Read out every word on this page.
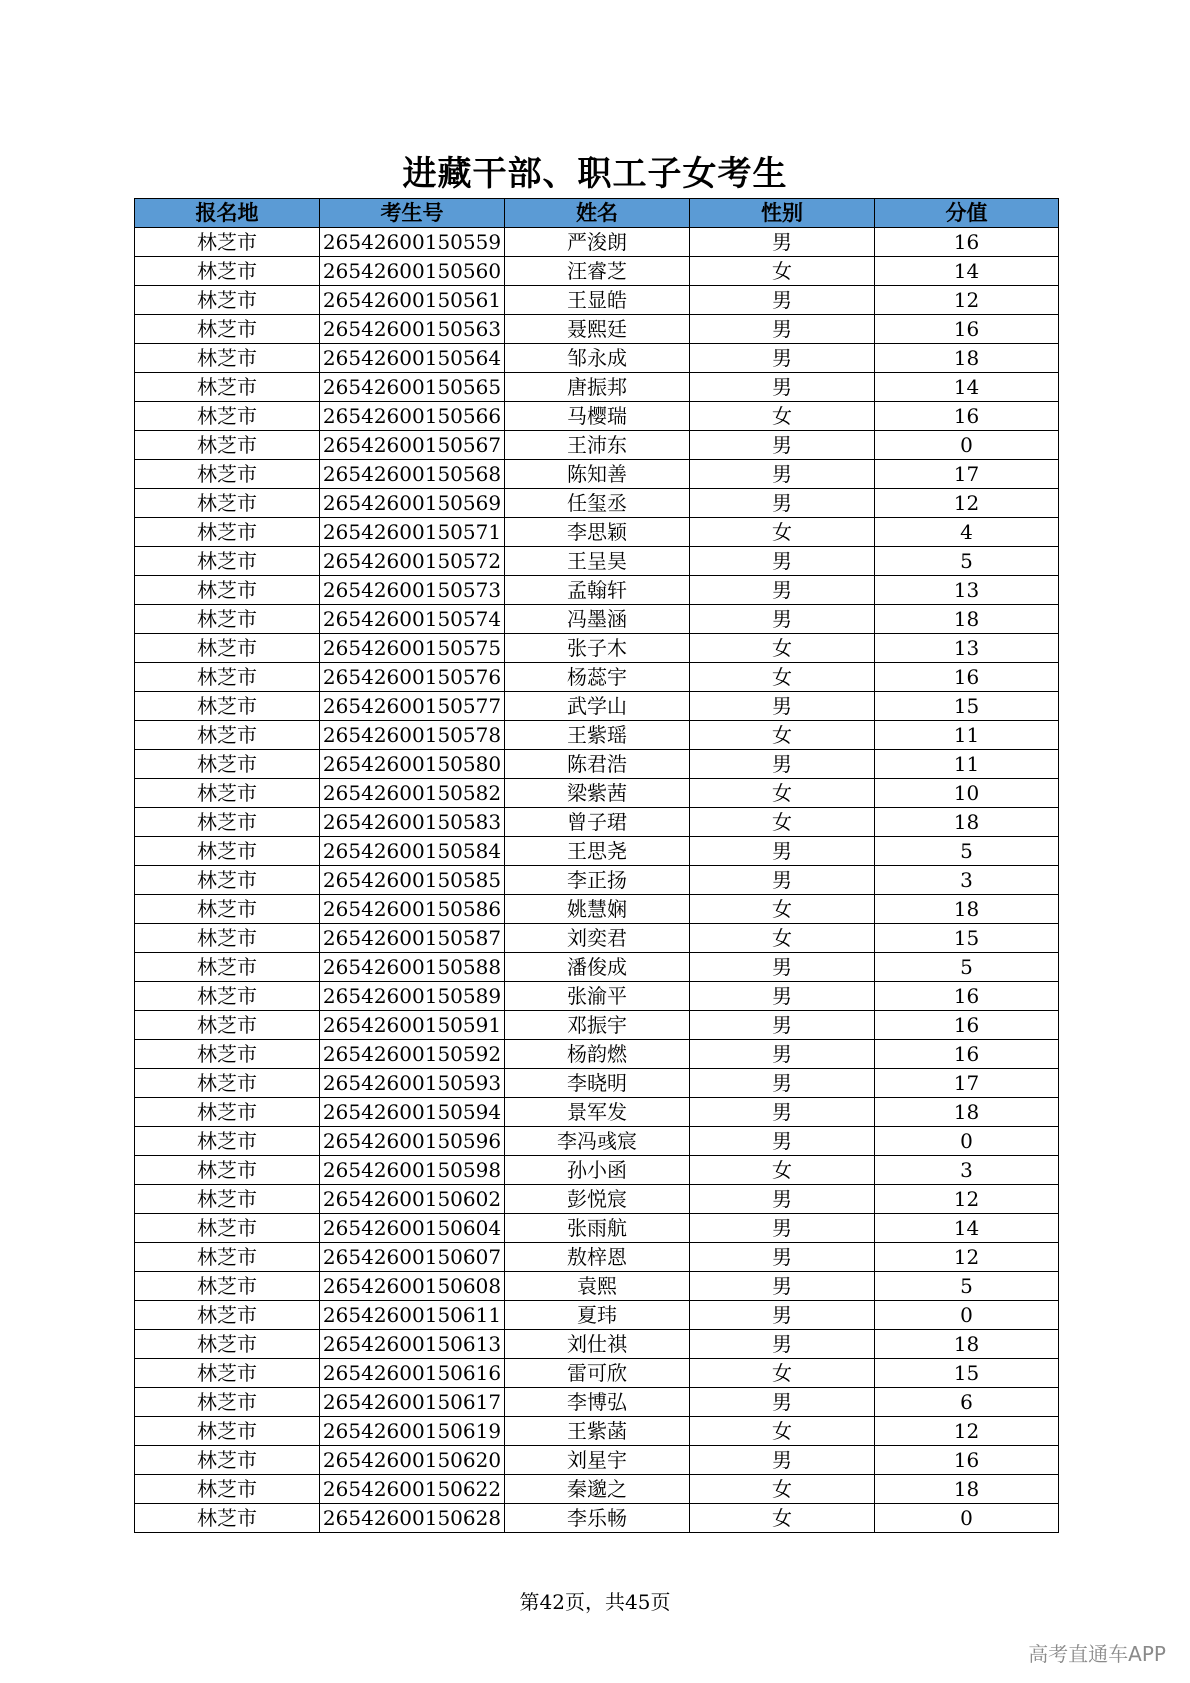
进藏干部、职工子女考生
报名地	考生号	姓名	性别	分值
林芝市	26542600150559	严浚朗	男	16
林芝市	26542600150560	汪睿芝	女	14
林芝市	26542600150561	王显皓	男	12
林芝市	26542600150563	聂熙廷	男	16
林芝市	26542600150564	邹永成	男	18
林芝市	26542600150565	唐振邦	男	14
林芝市	26542600150566	马樱瑞	女	16
林芝市	26542600150567	王沛东	男	0
林芝市	26542600150568	陈知善	男	17
林芝市	26542600150569	任玺丞	男	12
林芝市	26542600150571	李思颖	女	4
林芝市	26542600150572	王呈昊	男	5
林芝市	26542600150573	孟翰轩	男	13
林芝市	26542600150574	冯墨涵	男	18
林芝市	26542600150575	张子木	女	13
林芝市	26542600150576	杨蕊宇	女	16
林芝市	26542600150577	武学山	男	15
林芝市	26542600150578	王紫瑶	女	11
林芝市	26542600150580	陈君浩	男	11
林芝市	26542600150582	梁紫茜	女	10
林芝市	26542600150583	曾子珺	女	18
林芝市	26542600150584	王思尧	男	5
林芝市	26542600150585	李正扬	男	3
林芝市	26542600150586	姚慧娴	女	18
林芝市	26542600150587	刘奕君	女	15
林芝市	26542600150588	潘俊成	男	5
林芝市	26542600150589	张渝平	男	16
林芝市	26542600150591	邓振宇	男	16
林芝市	26542600150592	杨韵燃	男	16
林芝市	26542600150593	李晓明	男	17
林芝市	26542600150594	景军发	男	18
林芝市	26542600150596	李冯彧宸	男	0
林芝市	26542600150598	孙小函	女	3
林芝市	26542600150602	彭悦宸	男	12
林芝市	26542600150604	张雨航	男	14
林芝市	26542600150607	敖梓恩	男	12
林芝市	26542600150608	袁熙	男	5
林芝市	26542600150611	夏玮	男	0
林芝市	26542600150613	刘仕祺	男	18
林芝市	26542600150616	雷可欣	女	15
林芝市	26542600150617	李博弘	男	6
林芝市	26542600150619	王紫菡	女	12
林芝市	26542600150620	刘星宇	男	16
林芝市	26542600150622	秦邈之	女	18
林芝市	26542600150628	李乐畅	女	0
第42页，共45页
高考直通车APP
